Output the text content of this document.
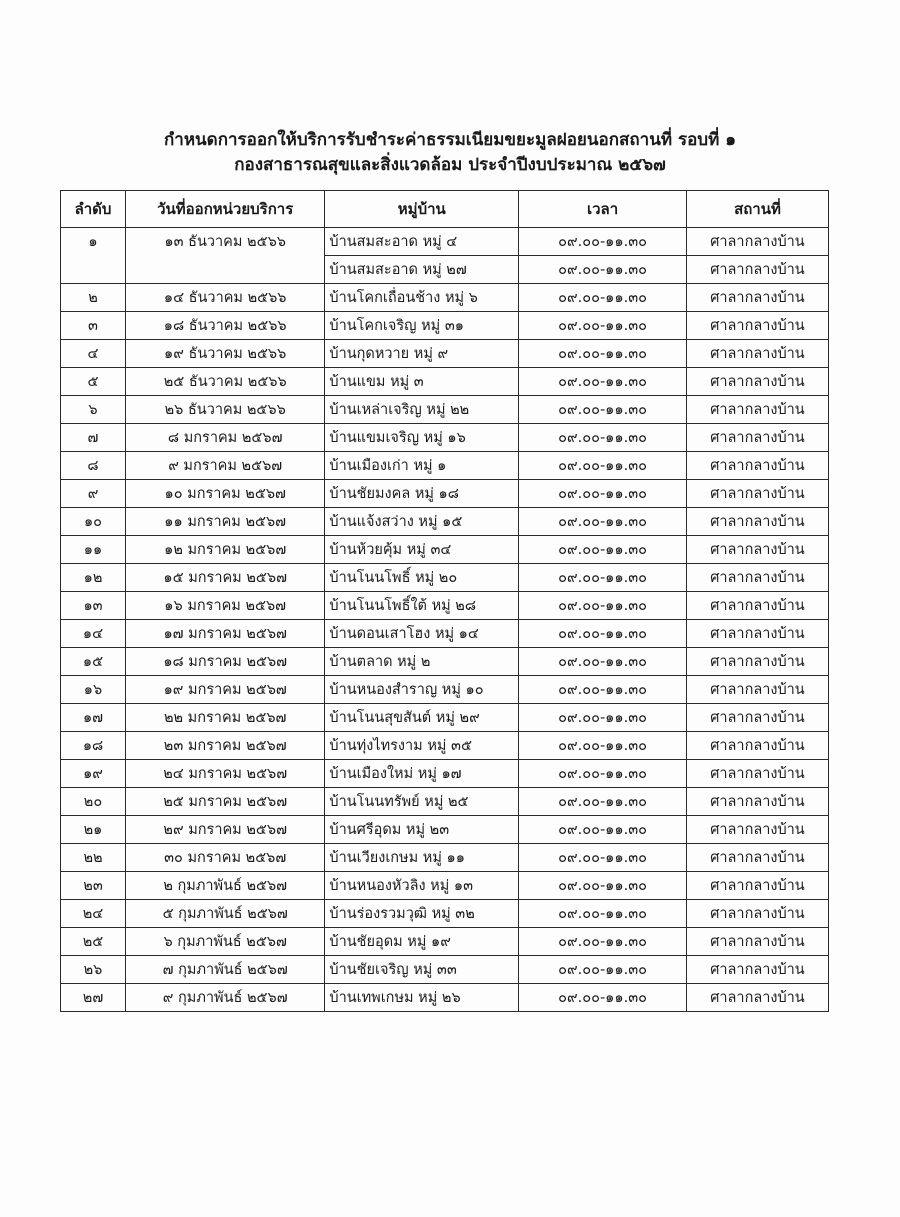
กำหนดการออกให้บริการรับชำระค่าธรรมเนียมขยะมูลฝอยนอกสถานที่ รอบที่ ๑
กองสาธารณสุขและสิ่งแวดล้อม ประจำปีงบประมาณ ๒๕๖๗
ลำดับ	วันที่ออกหน่วยบริการ	หมู่บ้าน	เวลา	สถานที่
๑	๑๓ ธันวาคม ๒๕๖๖	บ้านสมสะอาด หมู่ ๔	๐๙.๐๐-๑๑.๓๐	ศาลากลางบ้าน
		บ้านสมสะอาด หมู่ ๒๗	๐๙.๐๐-๑๑.๓๐	ศาลากลางบ้าน
๒	๑๔ ธันวาคม ๒๕๖๖	บ้านโคกเถื่อนช้าง หมู่ ๖	๐๙.๐๐-๑๑.๓๐	ศาลากลางบ้าน
๓	๑๘ ธันวาคม ๒๕๖๖	บ้านโคกเจริญ หมู่ ๓๑	๐๙.๐๐-๑๑.๓๐	ศาลากลางบ้าน
๔	๑๙ ธันวาคม ๒๕๖๖	บ้านกุดหวาย หมู่ ๙	๐๙.๐๐-๑๑.๓๐	ศาลากลางบ้าน
๕	๒๕ ธันวาคม ๒๕๖๖	บ้านแขม หมู่ ๓	๐๙.๐๐-๑๑.๓๐	ศาลากลางบ้าน
๖	๒๖ ธันวาคม ๒๕๖๖	บ้านเหล่าเจริญ หมู่ ๒๒	๐๙.๐๐-๑๑.๓๐	ศาลากลางบ้าน
๗	๘ มกราคม ๒๕๖๗	บ้านแขมเจริญ หมู่ ๑๖	๐๙.๐๐-๑๑.๓๐	ศาลากลางบ้าน
๘	๙ มกราคม ๒๕๖๗	บ้านเมืองเก่า หมู่ ๑	๐๙.๐๐-๑๑.๓๐	ศาลากลางบ้าน
๙	๑๐ มกราคม ๒๕๖๗	บ้านชัยมงคล หมู่ ๑๘	๐๙.๐๐-๑๑.๓๐	ศาลากลางบ้าน
๑๐	๑๑ มกราคม ๒๕๖๗	บ้านแจ้งสว่าง หมู่ ๑๕	๐๙.๐๐-๑๑.๓๐	ศาลากลางบ้าน
๑๑	๑๒ มกราคม ๒๕๖๗	บ้านห้วยคุ้ม หมู่ ๓๔	๐๙.๐๐-๑๑.๓๐	ศาลากลางบ้าน
๑๒	๑๕ มกราคม ๒๕๖๗	บ้านโนนโพธิ์ หมู่ ๒๐	๐๙.๐๐-๑๑.๓๐	ศาลากลางบ้าน
๑๓	๑๖ มกราคม ๒๕๖๗	บ้านโนนโพธิ์ใต้ หมู่ ๒๘	๐๙.๐๐-๑๑.๓๐	ศาลากลางบ้าน
๑๔	๑๗ มกราคม ๒๕๖๗	บ้านดอนเสาโฮง หมู่ ๑๔	๐๙.๐๐-๑๑.๓๐	ศาลากลางบ้าน
๑๕	๑๘ มกราคม ๒๕๖๗	บ้านตลาด หมู่ ๒	๐๙.๐๐-๑๑.๓๐	ศาลากลางบ้าน
๑๖	๑๙ มกราคม ๒๕๖๗	บ้านหนองสำราญ หมู่ ๑๐	๐๙.๐๐-๑๑.๓๐	ศาลากลางบ้าน
๑๗	๒๒ มกราคม ๒๕๖๗	บ้านโนนสุขสันต์ หมู่ ๒๙	๐๙.๐๐-๑๑.๓๐	ศาลากลางบ้าน
๑๘	๒๓ มกราคม ๒๕๖๗	บ้านทุ่งไทรงาม หมู่ ๓๕	๐๙.๐๐-๑๑.๓๐	ศาลากลางบ้าน
๑๙	๒๔ มกราคม ๒๕๖๗	บ้านเมืองใหม่ หมู่ ๑๗	๐๙.๐๐-๑๑.๓๐	ศาลากลางบ้าน
๒๐	๒๕ มกราคม ๒๕๖๗	บ้านโนนทรัพย์ หมู่ ๒๕	๐๙.๐๐-๑๑.๓๐	ศาลากลางบ้าน
๒๑	๒๙ มกราคม ๒๕๖๗	บ้านศรีอุดม หมู่ ๒๓	๐๙.๐๐-๑๑.๓๐	ศาลากลางบ้าน
๒๒	๓๐ มกราคม ๒๕๖๗	บ้านเวียงเกษม หมู่ ๑๑	๐๙.๐๐-๑๑.๓๐	ศาลากลางบ้าน
๒๓	๒ กุมภาพันธ์ ๒๕๖๗	บ้านหนองหัวลิง หมู่ ๑๓	๐๙.๐๐-๑๑.๓๐	ศาลากลางบ้าน
๒๔	๕ กุมภาพันธ์ ๒๕๖๗	บ้านร่องรวมวุฒิ หมู่ ๓๒	๐๙.๐๐-๑๑.๓๐	ศาลากลางบ้าน
๒๕	๖ กุมภาพันธ์ ๒๕๖๗	บ้านชัยอุดม หมู่ ๑๙	๐๙.๐๐-๑๑.๓๐	ศาลากลางบ้าน
๒๖	๗ กุมภาพันธ์ ๒๕๖๗	บ้านชัยเจริญ หมู่ ๓๓	๐๙.๐๐-๑๑.๓๐	ศาลากลางบ้าน
๒๗	๙ กุมภาพันธ์ ๒๕๖๗	บ้านเทพเกษม หมู่ ๒๖	๐๙.๐๐-๑๑.๓๐	ศาลากลางบ้าน
